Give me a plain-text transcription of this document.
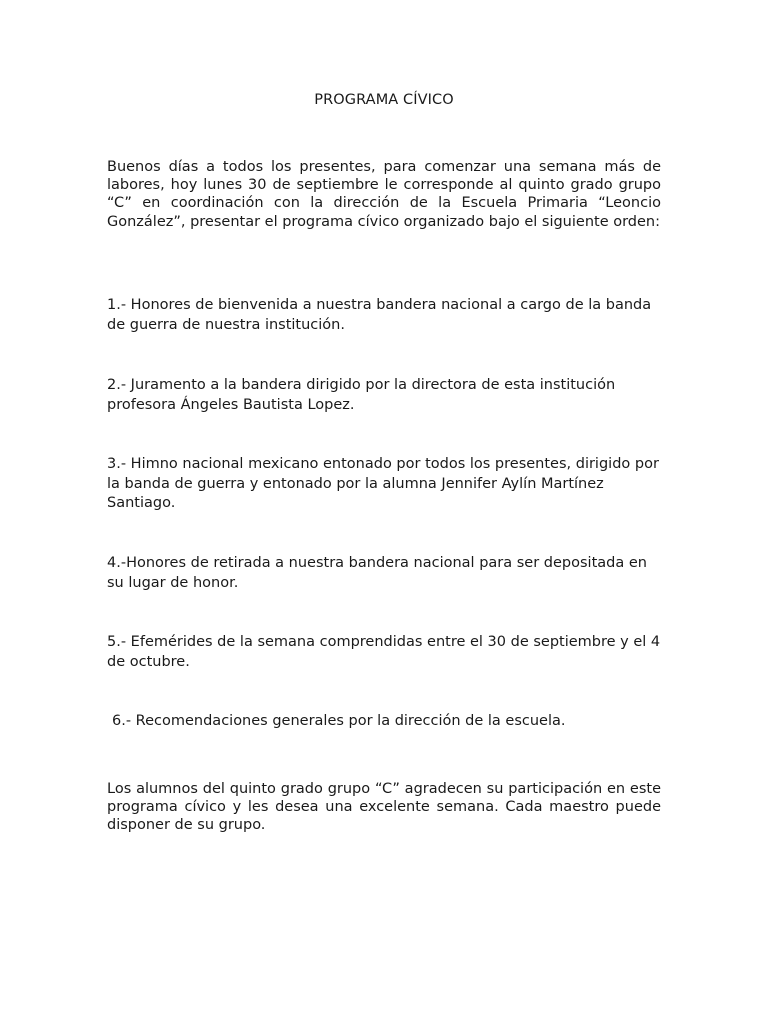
PROGRAMA CÍVICO

Buenos días a todos los presentes, para comenzar una semana más de labores, hoy lunes 30 de septiembre le corresponde al quinto grado grupo “C” en coordinación con la dirección de la Escuela Primaria “Leoncio González”, presentar el programa cívico organizado bajo el siguiente orden:

1.- Honores de bienvenida a nuestra bandera nacional a cargo de la banda de guerra de nuestra institución.

2.- Juramento a la bandera dirigido por la directora de esta institución profesora Ángeles Bautista Lopez.

3.- Himno nacional mexicano entonado por todos los presentes, dirigido por la banda de guerra y entonado por la alumna Jennifer Aylín Martínez Santiago.

4.-Honores de retirada a nuestra bandera nacional para ser depositada en su lugar de honor.

5.- Efemérides de la semana comprendidas entre el 30 de septiembre y el 4 de octubre.

6.- Recomendaciones generales por la dirección de la escuela.

Los alumnos del quinto grado grupo “C” agradecen su participación en este programa cívico y les desea una excelente semana. Cada maestro puede disponer de su grupo.
